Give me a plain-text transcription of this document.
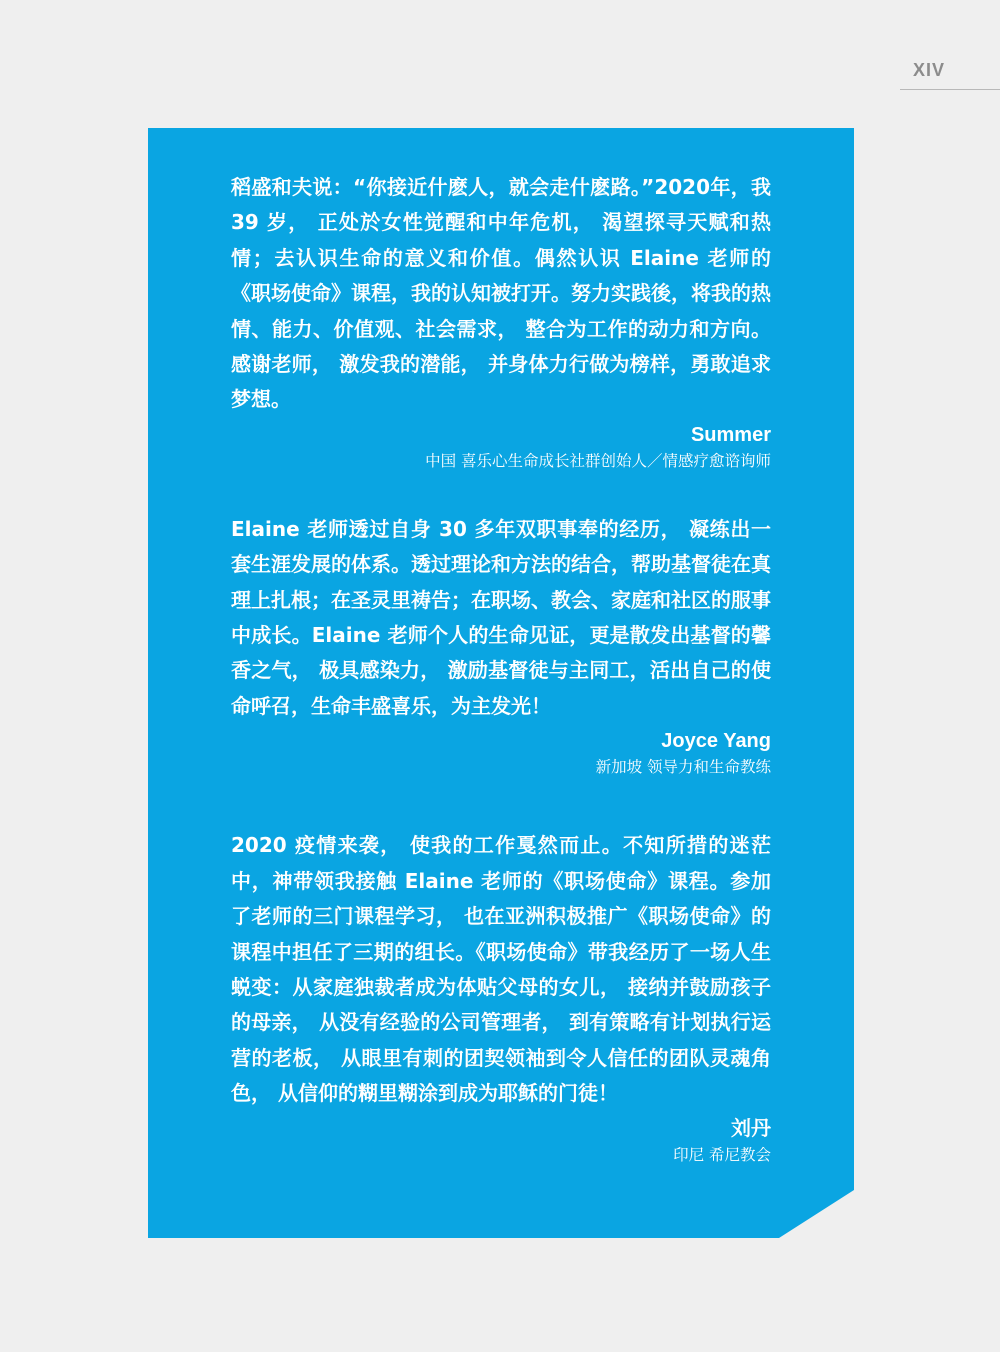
XIV

稻盛和夫说：“你接近什麽人，就会走什麽路。”2020年，我 39 岁， 正处於女性觉醒和中年危机， 渴望探寻天赋和热情；去认识生命的意义和价值。偶然认识 Elaine 老师的《职场使命》课程，我的认知被打开。努力实践後，将我的热情、能力、价值观、社会需求， 整合为工作的动力和方向。感谢老师， 激发我的潜能， 并身体力行做为榜样，勇敢追求梦想。

Summer
中国 喜乐心生命成长社群创始人／情感疗愈谘询师

Elaine 老师透过自身 30 多年双职事奉的经历， 凝练出一套生涯发展的体系。透过理论和方法的结合，帮助基督徒在真理上扎根；在圣灵里祷告；在职场、教会、家庭和社区的服事中成长。Elaine 老师个人的生命见证，更是散发出基督的馨香之气， 极具感染力， 激励基督徒与主同工，活出自己的使命呼召，生命丰盛喜乐，为主发光！

Joyce Yang
新加坡 领导力和生命教练

2020 疫情来袭， 使我的工作戛然而止。不知所措的迷茫中，神带领我接触 Elaine 老师的《职场使命》课程。参加了老师的三门课程学习， 也在亚洲积极推广《职场使命》的课程中担任了三期的组长。《职场使命》带我经历了一场人生蜕变：从家庭独裁者成为体贴父母的女儿， 接纳并鼓励孩子的母亲， 从没有经验的公司管理者， 到有策略有计划执行运营的老板， 从眼里有刺的团契领袖到令人信任的团队灵魂角色， 从信仰的糊里糊涂到成为耶稣的门徒！

刘丹
印尼 希尼教会
